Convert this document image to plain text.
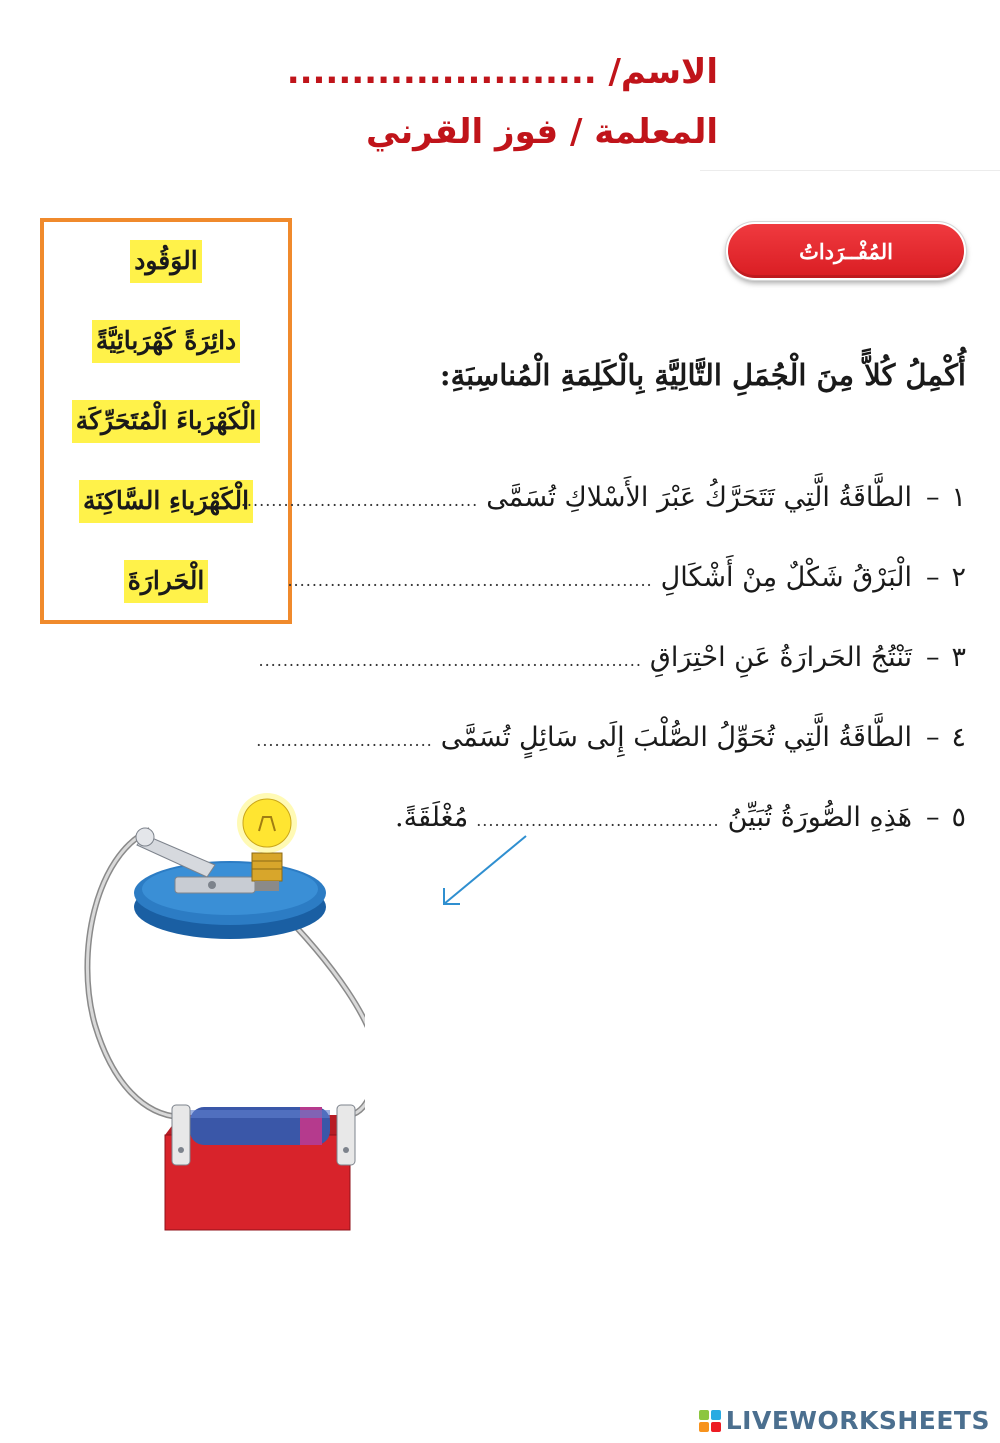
الاسم/ ........................
المعلمة / فوز القرني
الوَقُود
دائِرَةً كَهْرَبائِيَّةً
الْكَهْرَباءَ الْمُتَحَرِّكَة
الْكَهْرَباءِ السَّاكِنَة
الْحَرارَةَ
المُفْــرَداتُ
أُكْمِلُ كُلاًّ مِنَ الْجُمَلِ التَّالِيَّةِ بِالْكَلِمَةِ الْمُناسِبَةِ:
١
–
الطَّاقَةُ الَّتِي تَتَحَرَّكُ عَبْرَ الأَسْلاكِ تُسَمَّى
.......................................
٢
–
الْبَرْقُ شَكْلٌ مِنْ أَشْكَالِ
............................................................
٣
–
تَنْتُجُ الحَرارَةُ عَنِ احْتِرَاقِ
...............................................................
٤
–
الطَّاقَةُ الَّتِي تُحَوِّلُ الصُّلْبَ إِلَى سَائِلٍ تُسَمَّى
.............................
٥
–
هَذِهِ الصُّورَةُ تُبَيِّنُ
........................................
مُغْلَقَةً.
LIVEWORKSHEETS
